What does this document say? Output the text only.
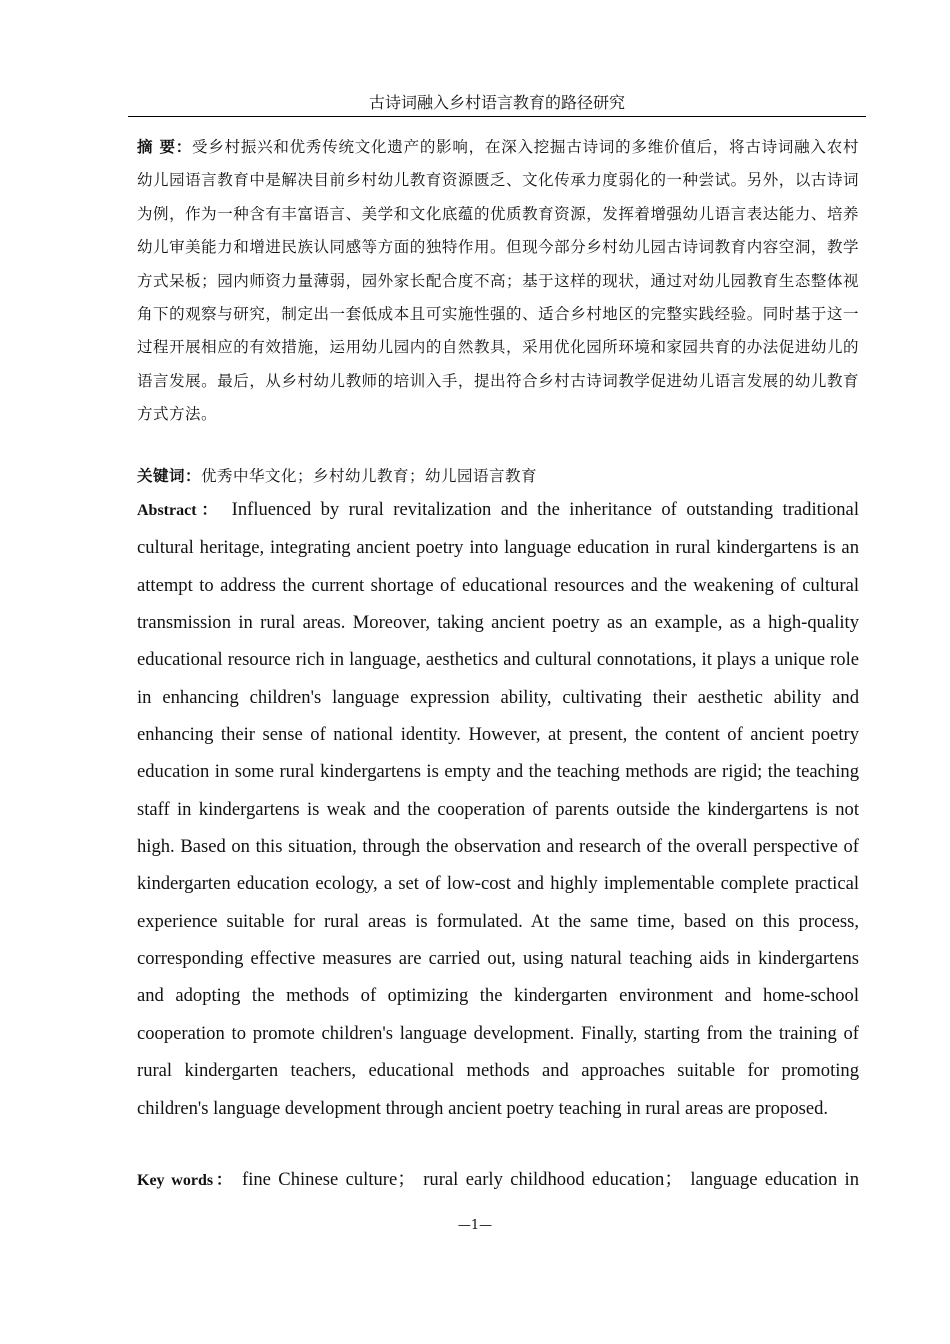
古诗词融入乡村语言教育的路径研究

摘 要：受乡村振兴和优秀传统文化遗产的影响，在深入挖掘古诗词的多维价值后，将古诗词融入农村幼儿园语言教育中是解决目前乡村幼儿教育资源匮乏、文化传承力度弱化的一种尝试。另外，以古诗词为例，作为一种含有丰富语言、美学和文化底蕴的优质教育资源，发挥着增强幼儿语言表达能力、培养幼儿审美能力和增进民族认同感等方面的独特作用。但现今部分乡村幼儿园古诗词教育内容空洞，教学方式呆板；园内师资力量薄弱，园外家长配合度不高；基于这样的现状，通过对幼儿园教育生态整体视角下的观察与研究，制定出一套低成本且可实施性强的、适合乡村地区的完整实践经验。同时基于这一过程开展相应的有效措施，运用幼儿园内的自然教具，采用优化园所环境和家园共育的办法促进幼儿的语言发展。最后，从乡村幼儿教师的培训入手，提出符合乡村古诗词教学促进幼儿语言发展的幼儿教育方式方法。

关键词：优秀中华文化；乡村幼儿教育；幼儿园语言教育

Abstract： Influenced by rural revitalization and the inheritance of outstanding traditional cultural heritage, integrating ancient poetry into language education in rural kindergartens is an attempt to address the current shortage of educational resources and the weakening of cultural transmission in rural areas. Moreover, taking ancient poetry as an example, as a high-quality educational resource rich in language, aesthetics and cultural connotations, it plays a unique role in enhancing children's language expression ability, cultivating their aesthetic ability and enhancing their sense of national identity. However, at present, the content of ancient poetry education in some rural kindergartens is empty and the teaching methods are rigid; the teaching staff in kindergartens is weak and the cooperation of parents outside the kindergartens is not high. Based on this situation, through the observation and research of the overall perspective of kindergarten education ecology, a set of low-cost and highly implementable complete practical experience suitable for rural areas is formulated. At the same time, based on this process, corresponding effective measures are carried out, using natural teaching aids in kindergartens and adopting the methods of optimizing the kindergarten environment and home-school cooperation to promote children's language development. Finally, starting from the training of rural kindergarten teachers, educational methods and approaches suitable for promoting children's language development through ancient poetry teaching in rural areas are proposed.

Key words： fine Chinese culture； rural early childhood education； language education in

—1—
